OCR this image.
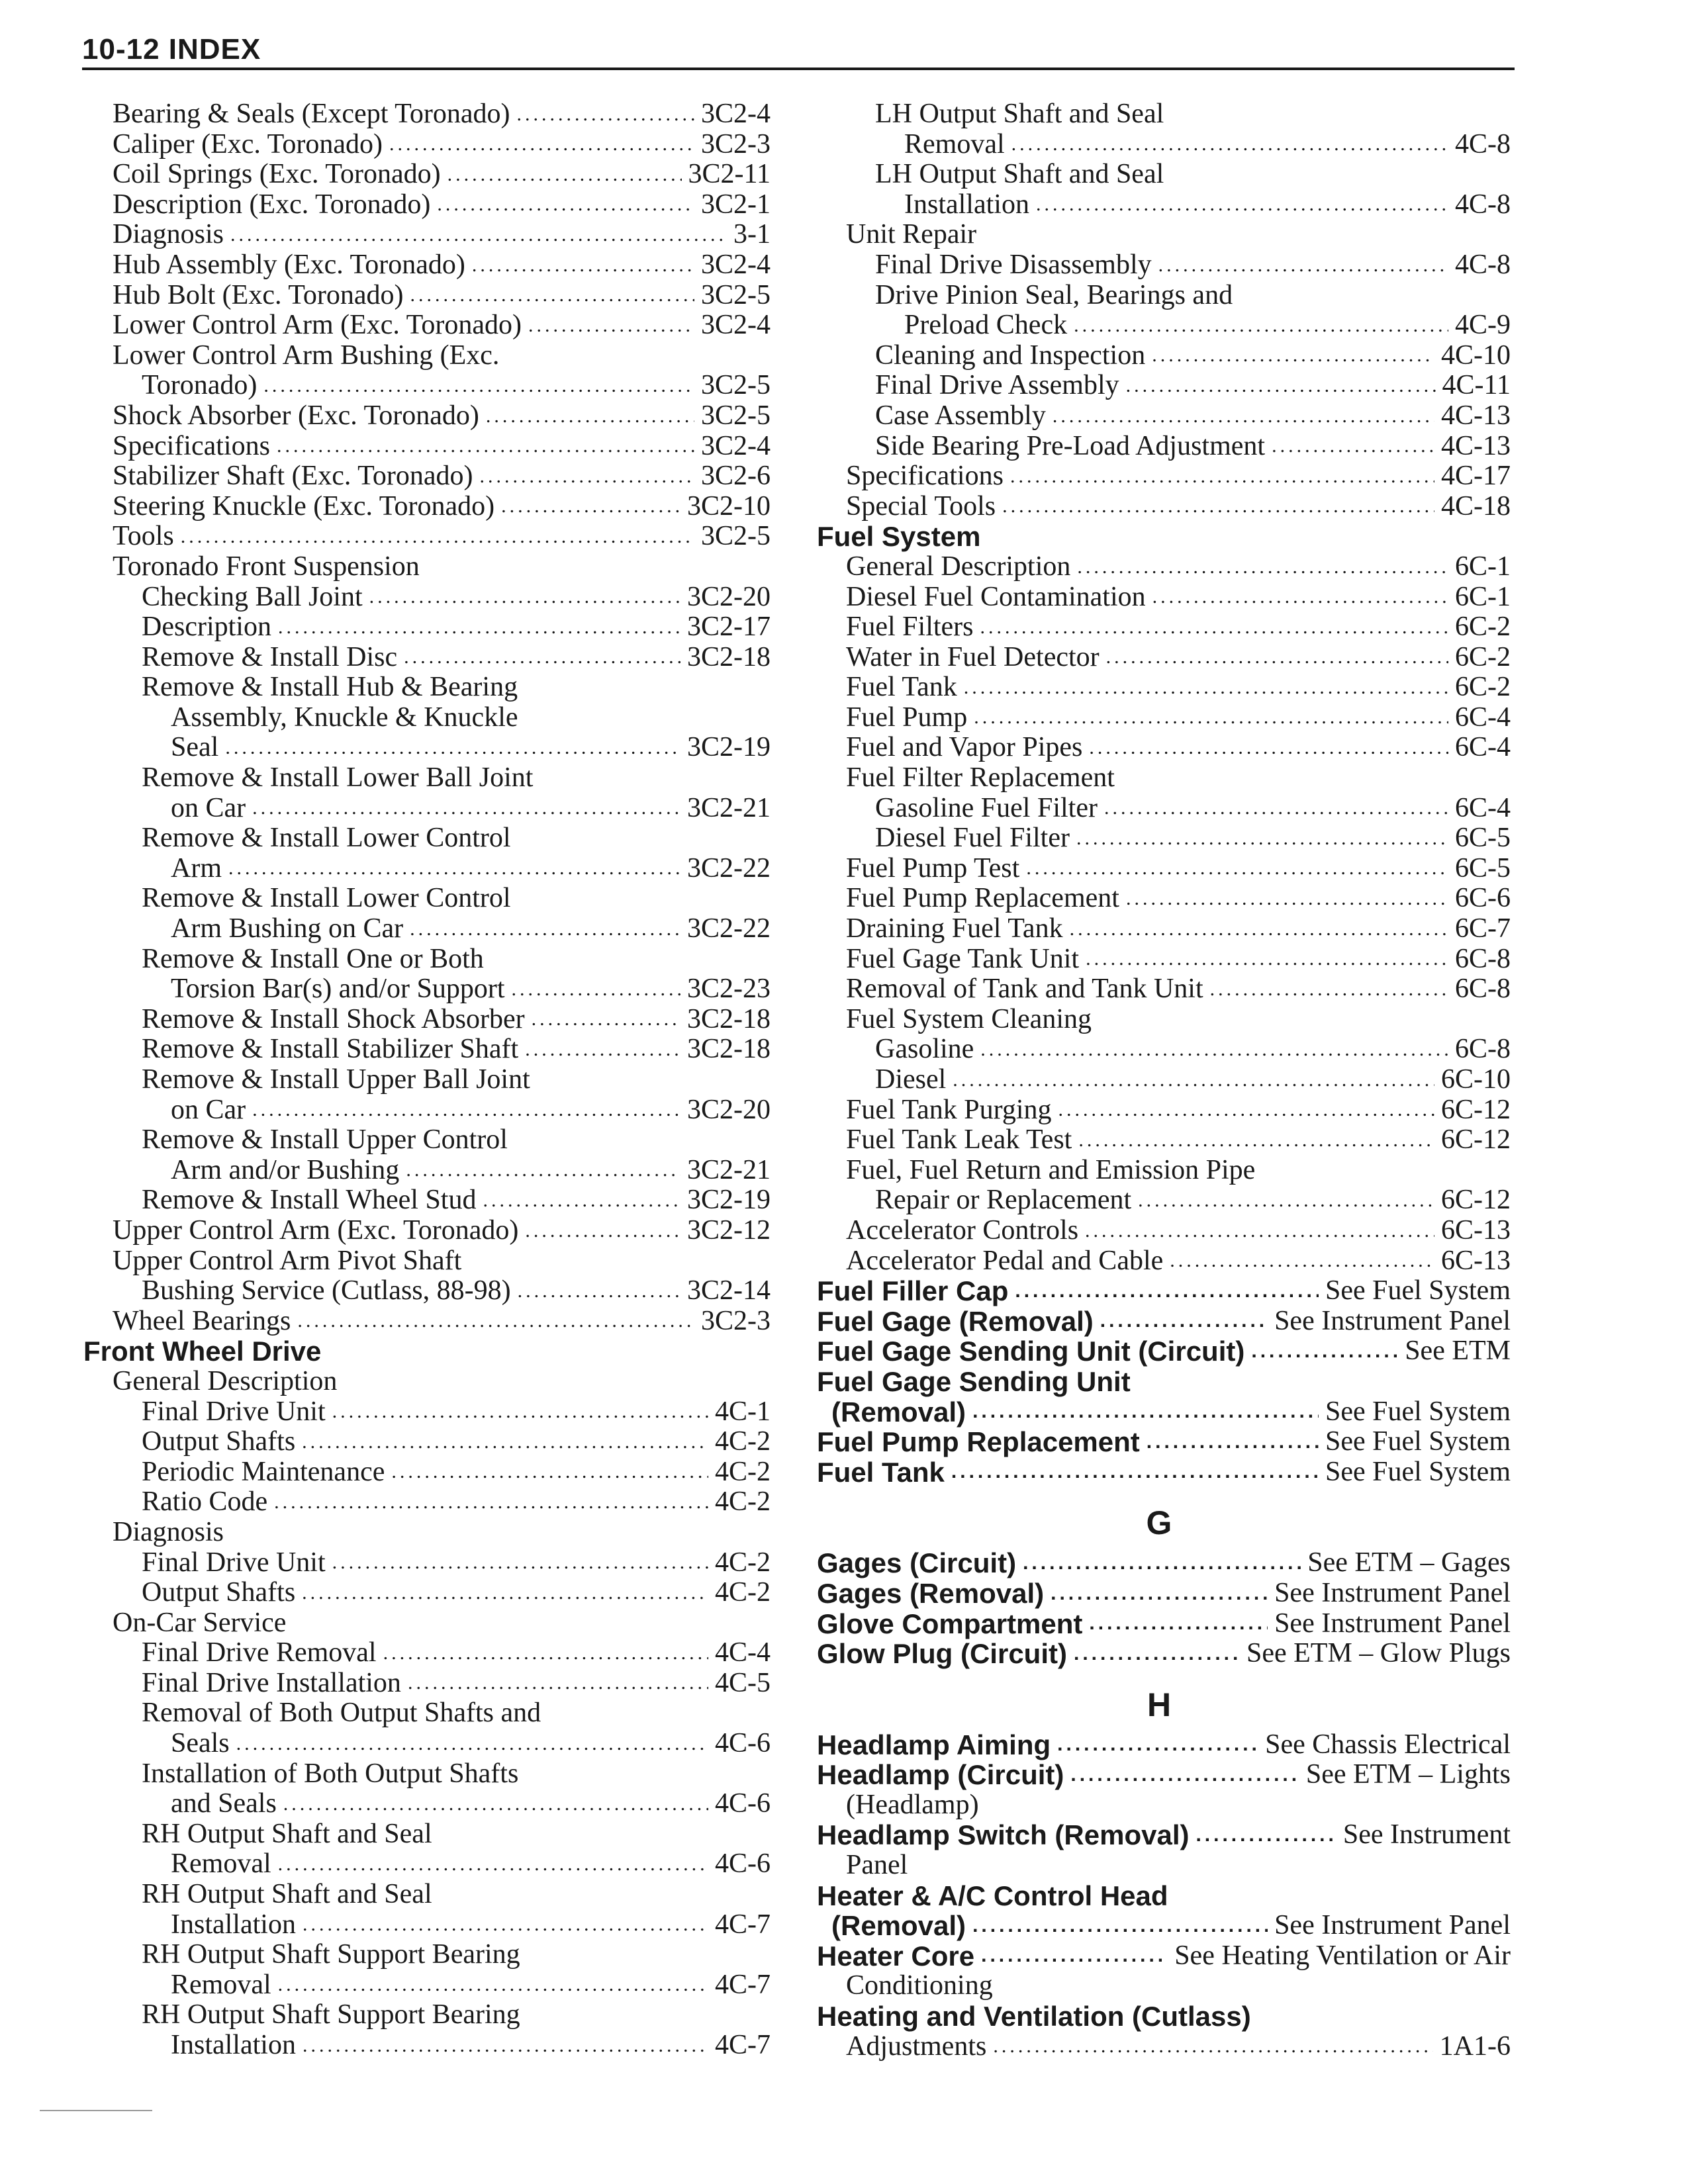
10-12 INDEX
Bearing & Seals (Except Toronado) .....	3C2-4
Caliper (Exc. Toronado) .....	3C2-3
Coil Springs (Exc. Toronado) .....	3C2-11
Description (Exc. Toronado) .....	3C2-1
Diagnosis .....	3-1
Hub Assembly (Exc. Toronado) .....	3C2-4
Hub Bolt (Exc. Toronado) .....	3C2-5
Lower Control Arm (Exc. Toronado) .....	3C2-4
Lower Control Arm Bushing (Exc.
Toronado) .....	3C2-5
Shock Absorber (Exc. Toronado) .....	3C2-5
Specifications .....	3C2-4
Stabilizer Shaft (Exc. Toronado) .....	3C2-6
Steering Knuckle (Exc. Toronado) .....	3C2-10
Tools .....	3C2-5
Toronado Front Suspension
Checking Ball Joint .....	3C2-20
Description .....	3C2-17
Remove & Install Disc .....	3C2-18
Remove & Install Hub & Bearing
Assembly, Knuckle & Knuckle
Seal .....	3C2-19
Remove & Install Lower Ball Joint
on Car .....	3C2-21
Remove & Install Lower Control
Arm .....	3C2-22
Remove & Install Lower Control
Arm Bushing on Car .....	3C2-22
Remove & Install One or Both
Torsion Bar(s) and/or Support .....	3C2-23
Remove & Install Shock Absorber .....	3C2-18
Remove & Install Stabilizer Shaft .....	3C2-18
Remove & Install Upper Ball Joint
on Car .....	3C2-20
Remove & Install Upper Control
Arm and/or Bushing .....	3C2-21
Remove & Install Wheel Stud .....	3C2-19
Upper Control Arm (Exc. Toronado) .....	3C2-12
Upper Control Arm Pivot Shaft
Bushing Service (Cutlass, 88-98) .....	3C2-14
Wheel Bearings .....	3C2-3
Front Wheel Drive
General Description
Final Drive Unit .....	4C-1
Output Shafts .....	4C-2
Periodic Maintenance .....	4C-2
Ratio Code .....	4C-2
Diagnosis
Final Drive Unit .....	4C-2
Output Shafts .....	4C-2
On-Car Service
Final Drive Removal .....	4C-4
Final Drive Installation .....	4C-5
Removal of Both Output Shafts and
Seals .....	4C-6
Installation of Both Output Shafts
and Seals .....	4C-6
RH Output Shaft and Seal
Removal .....	4C-6
RH Output Shaft and Seal
Installation .....	4C-7
RH Output Shaft Support Bearing
Removal .....	4C-7
RH Output Shaft Support Bearing
Installation .....	4C-7
LH Output Shaft and Seal
Removal .....	4C-8
LH Output Shaft and Seal
Installation .....	4C-8
Unit Repair
Final Drive Disassembly .....	4C-8
Drive Pinion Seal, Bearings and
Preload Check .....	4C-9
Cleaning and Inspection .....	4C-10
Final Drive Assembly .....	4C-11
Case Assembly .....	4C-13
Side Bearing Pre-Load Adjustment .....	4C-13
Specifications .....	4C-17
Special Tools .....	4C-18
Fuel System
General Description .....	6C-1
Diesel Fuel Contamination .....	6C-1
Fuel Filters .....	6C-2
Water in Fuel Detector .....	6C-2
Fuel Tank .....	6C-2
Fuel Pump .....	6C-4
Fuel and Vapor Pipes .....	6C-4
Fuel Filter Replacement
Gasoline Fuel Filter .....	6C-4
Diesel Fuel Filter .....	6C-5
Fuel Pump Test .....	6C-5
Fuel Pump Replacement .....	6C-6
Draining Fuel Tank .....	6C-7
Fuel Gage Tank Unit .....	6C-8
Removal of Tank and Tank Unit .....	6C-8
Fuel System Cleaning
Gasoline .....	6C-8
Diesel .....	6C-10
Fuel Tank Purging .....	6C-12
Fuel Tank Leak Test .....	6C-12
Fuel, Fuel Return and Emission Pipe
Repair or Replacement .....	6C-12
Accelerator Controls .....	6C-13
Accelerator Pedal and Cable .....	6C-13
Fuel Filler Cap .....	See Fuel System
Fuel Gage (Removal) .....	See Instrument Panel
Fuel Gage Sending Unit (Circuit) .....	See ETM
Fuel Gage Sending Unit
(Removal) .....	See Fuel System
Fuel Pump Replacement .....	See Fuel System
Fuel Tank .....	See Fuel System
G
Gages (Circuit) .....	See ETM – Gages
Gages (Removal) .....	See Instrument Panel
Glove Compartment .....	See Instrument Panel
Glow Plug (Circuit) .....	See ETM – Glow Plugs
H
Headlamp Aiming .....	See Chassis Electrical
Headlamp (Circuit) .....	See ETM – Lights
(Headlamp)
Headlamp Switch (Removal) .....	See Instrument
Panel
Heater & A/C Control Head
(Removal) .....	See Instrument Panel
Heater Core .....	See Heating Ventilation or Air
Conditioning
Heating and Ventilation (Cutlass)
Adjustments .....	1A1-6
